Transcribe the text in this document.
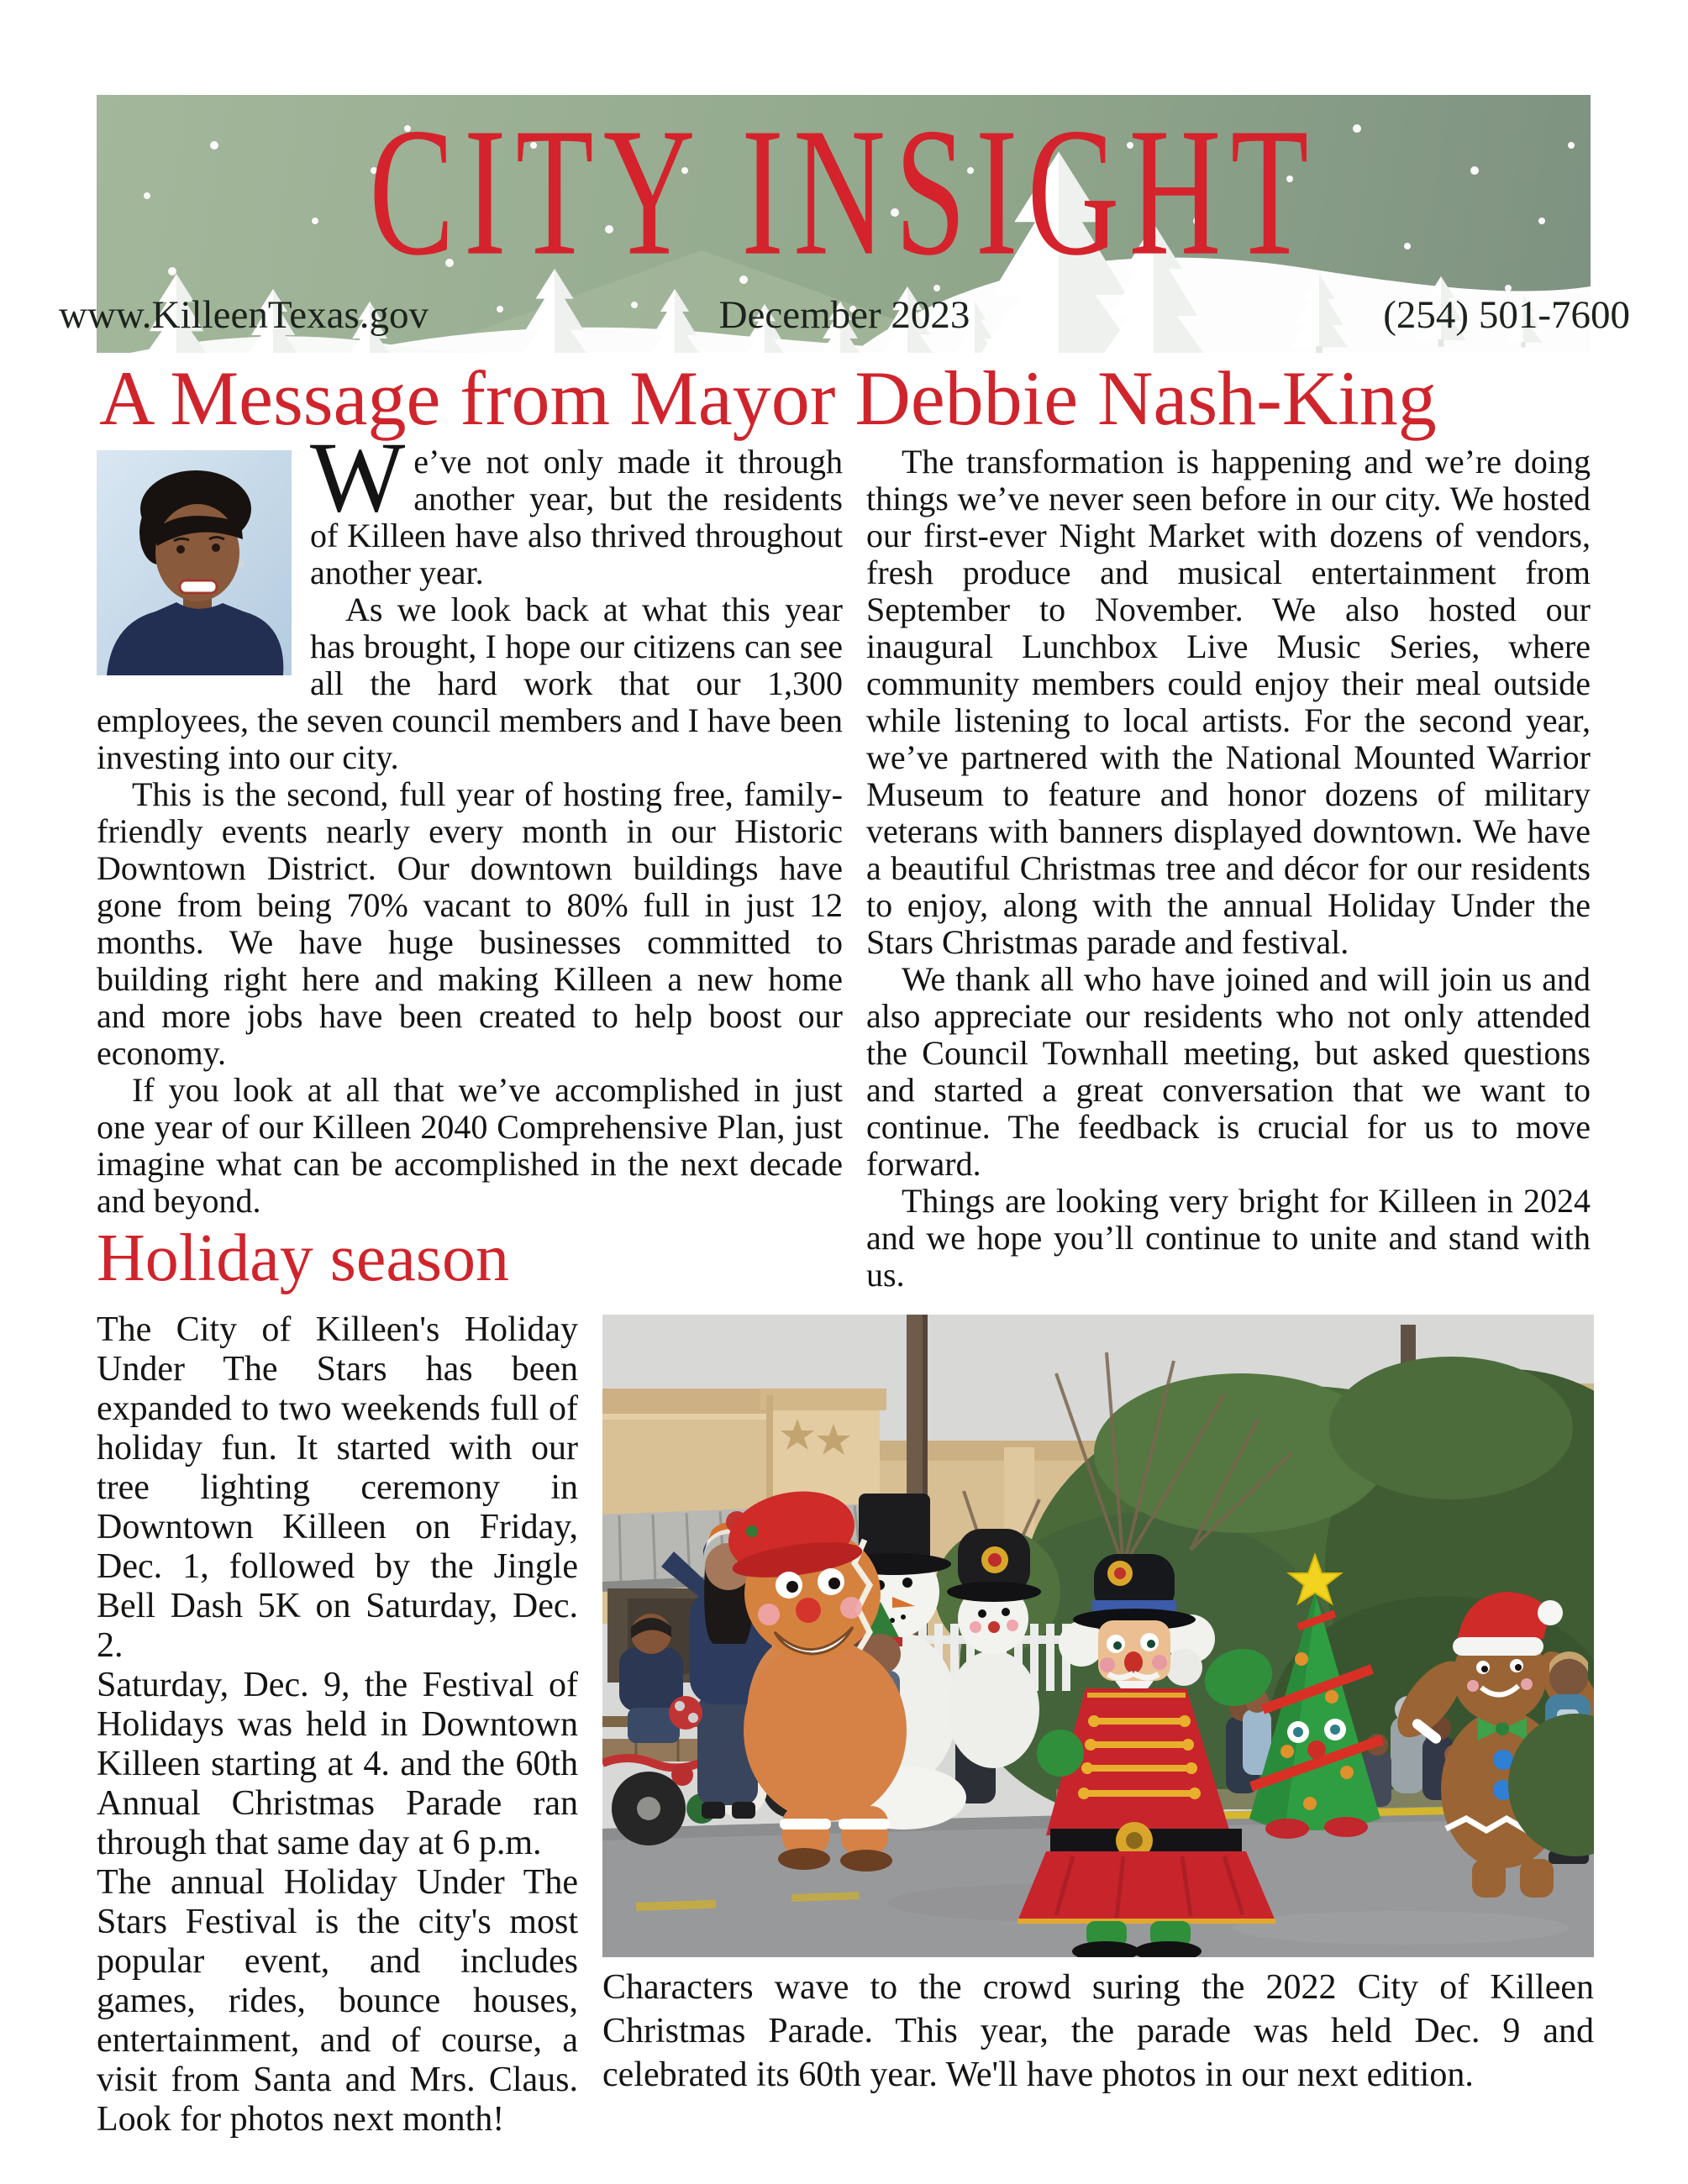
CITY INSIGHT
www.KilleenTexas.gov	December 2023	(254) 501-7600
A Message from Mayor Debbie Nash-King

We’ve not only made it through another year, but the residents of Killeen have also thrived throughout another year.

As we look back at what this year has brought, I hope our citizens can see all the hard work that our 1,300 employees, the seven council members and I have been investing into our city.

This is the second, full year of hosting free, family-friendly events nearly every month in our Historic Downtown District. Our downtown buildings have gone from being 70% vacant to 80% full in just 12 months. We have huge businesses committed to building right here and making Killeen a new home and more jobs have been created to help boost our economy.

If you look at all that we’ve accomplished in just one year of our Killeen 2040 Comprehensive Plan, just imagine what can be accomplished in the next decade and beyond.

The transformation is happening and we’re doing things we’ve never seen before in our city. We hosted our first-ever Night Market with dozens of vendors, fresh produce and musical entertainment from September to November. We also hosted our inaugural Lunchbox Live Music Series, where community members could enjoy their meal outside while listening to local artists. For the second year, we’ve partnered with the National Mounted Warrior Museum to feature and honor dozens of military veterans with banners displayed downtown. We have a beautiful Christmas tree and décor for our residents to enjoy, along with the annual Holiday Under the Stars Christmas parade and festival.

We thank all who have joined and will join us and also appreciate our residents who not only attended the Council Townhall meeting, but asked questions and started a great conversation that we want to continue. The feedback is crucial for us to move forward.

Things are looking very bright for Killeen in 2024 and we hope you’ll continue to unite and stand with us.

Holiday season

The City of Killeen's Holiday Under The Stars has been expanded to two weekends full of holiday fun. It started with our tree lighting ceremony in Downtown Killeen on Friday, Dec. 1, followed by the Jingle Bell Dash 5K on Saturday, Dec. 2.

Saturday, Dec. 9, the Festival of Holidays was held in Downtown Killeen starting at 4. and the 60th Annual Christmas Parade ran through that same day at 6 p.m.

The annual Holiday Under The Stars Festival is the city's most popular event, and includes games, rides, bounce houses, entertainment, and of course, a visit from Santa and Mrs. Claus. Look for photos next month!

Characters wave to the crowd suring the 2022 City of Killeen Christmas Parade. This year, the parade was held Dec. 9 and celebrated its 60th year. We'll have photos in our next edition.
